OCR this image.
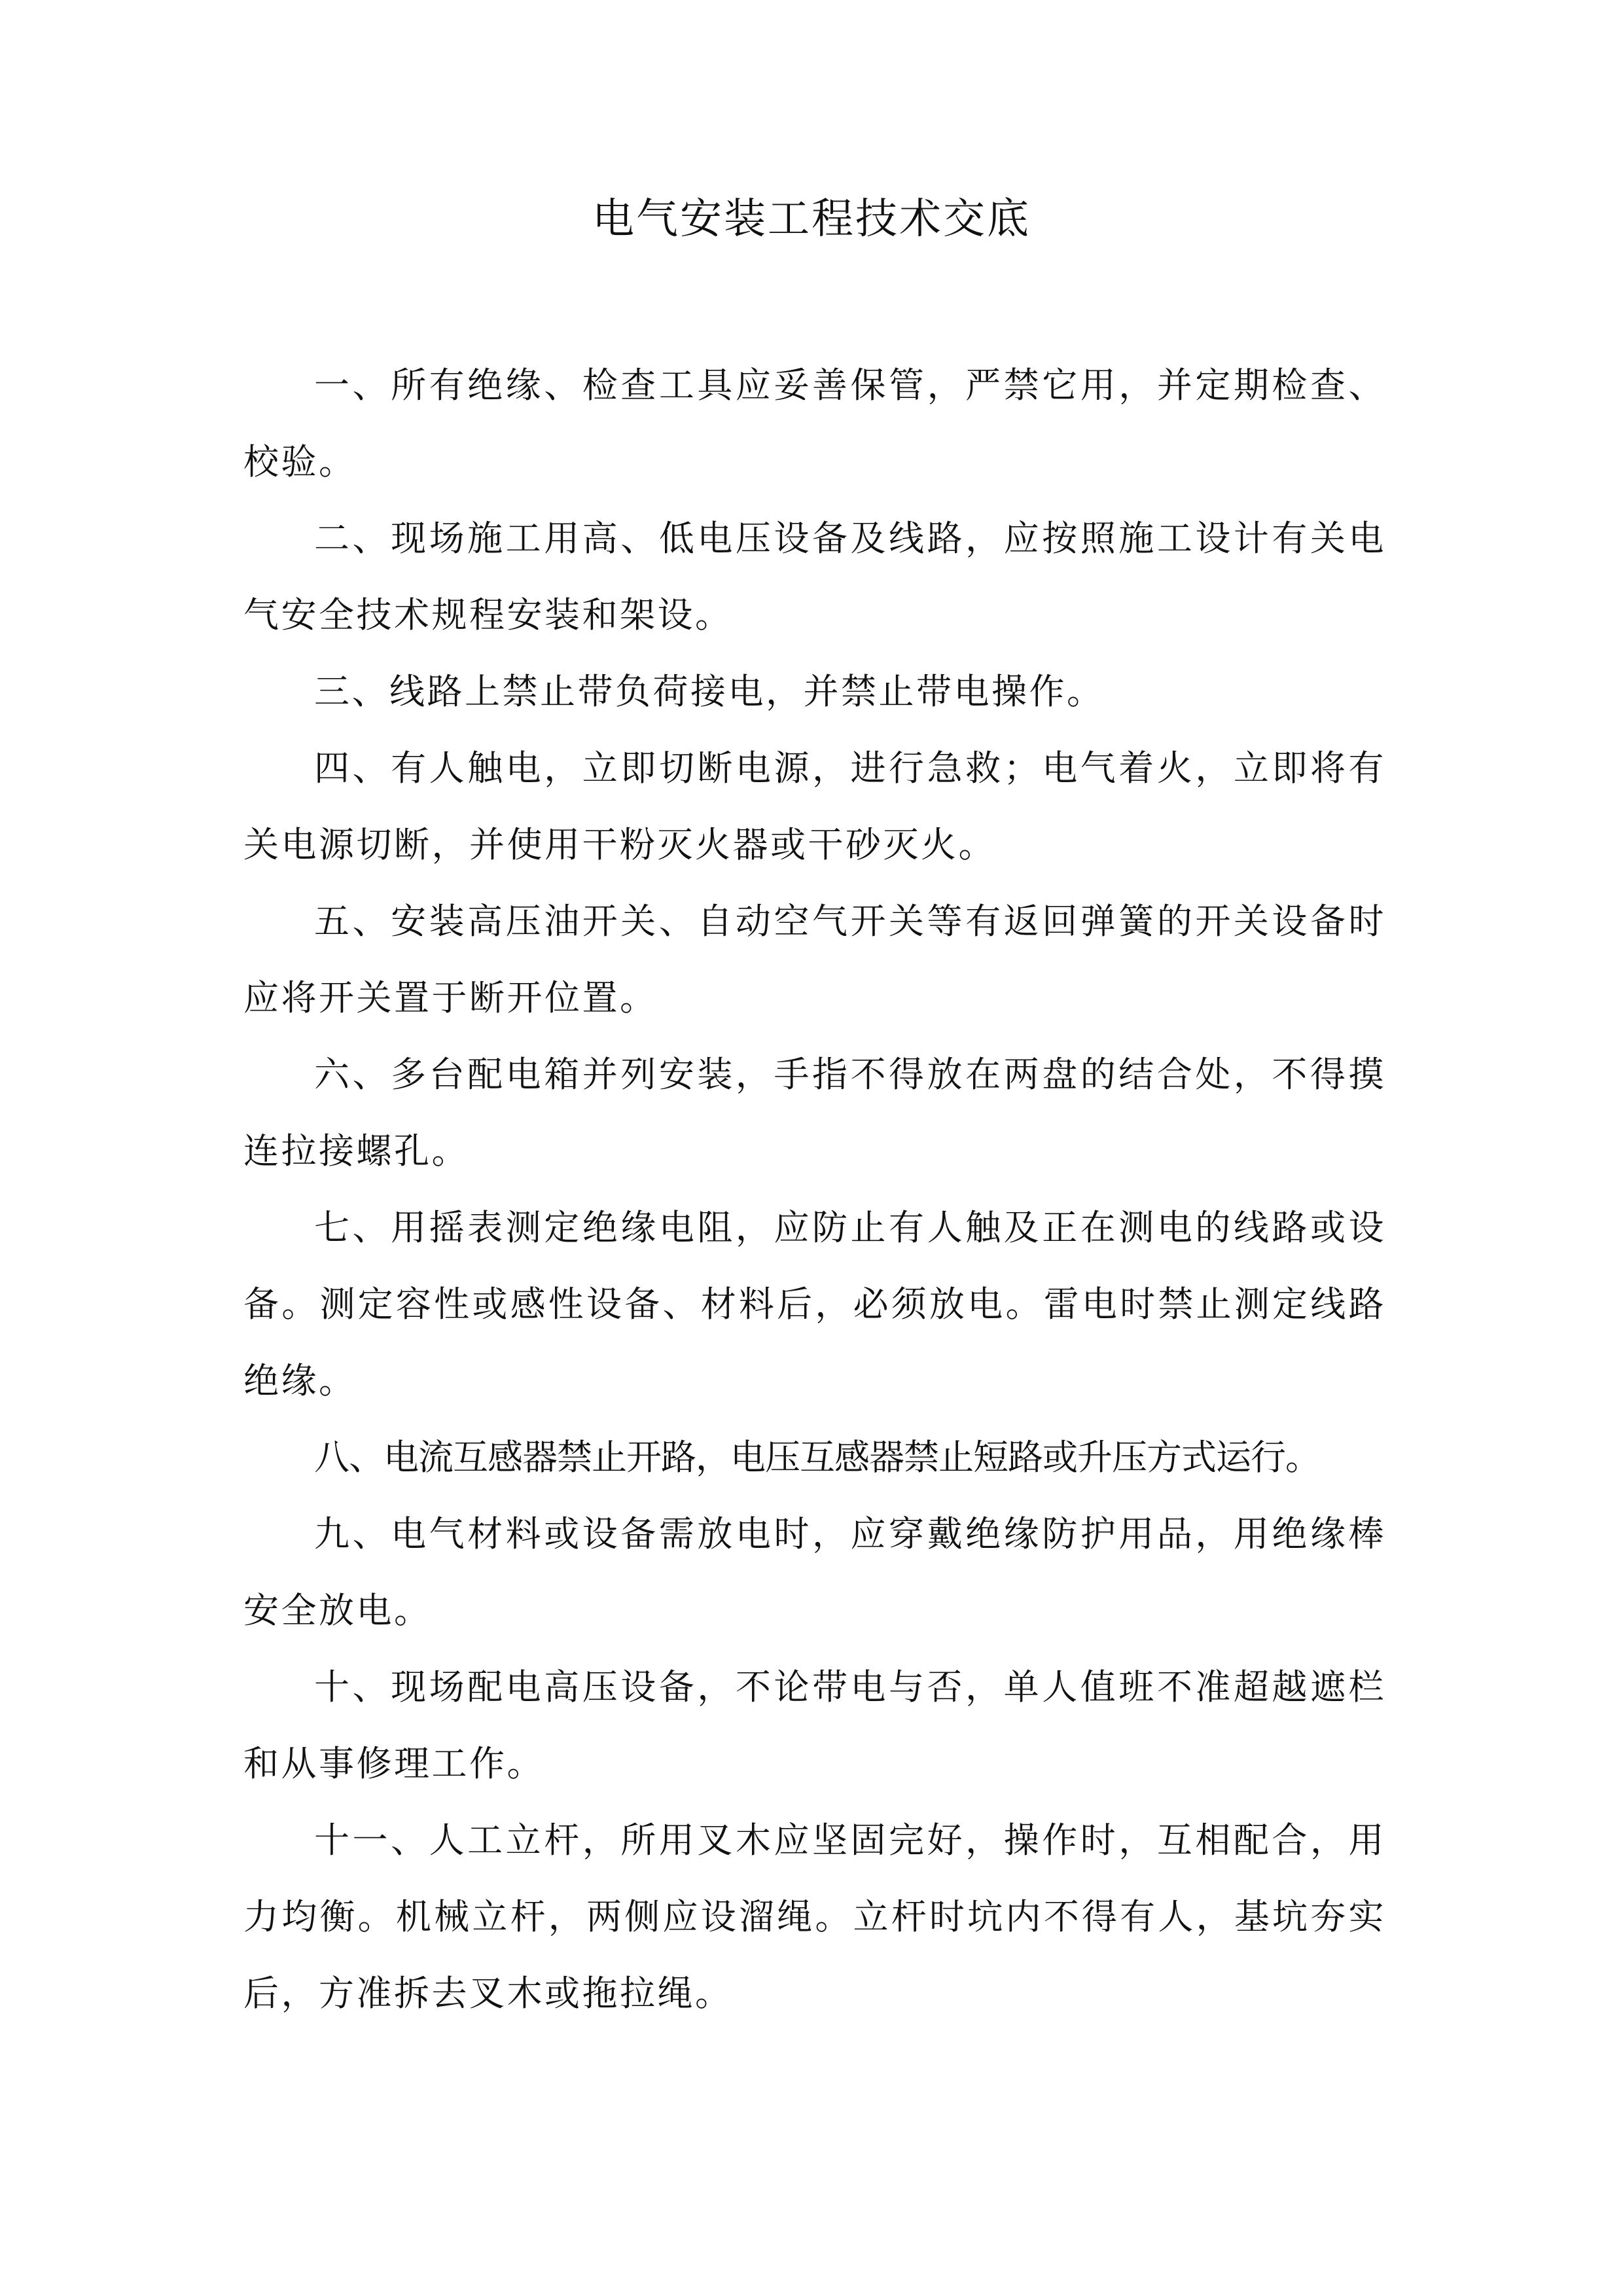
电气安装工程技术交底

一、所有绝缘、检查工具应妥善保管，严禁它用，并定期检查、校验。

二、现场施工用高、低电压设备及线路，应按照施工设计有关电气安全技术规程安装和架设。

三、线路上禁止带负荷接电，并禁止带电操作。

四、有人触电，立即切断电源，进行急救；电气着火，立即将有关电源切断，并使用干粉灭火器或干砂灭火。

五、安装高压油开关、自动空气开关等有返回弹簧的开关设备时应将开关置于断开位置。

六、多台配电箱并列安装，手指不得放在两盘的结合处，不得摸连拉接螺孔。

七、用摇表测定绝缘电阻，应防止有人触及正在测电的线路或设备。测定容性或感性设备、材料后，必须放电。雷电时禁止测定线路绝缘。

八、电流互感器禁止开路，电压互感器禁止短路或升压方式运行。

九、电气材料或设备需放电时，应穿戴绝缘防护用品，用绝缘棒安全放电。

十、现场配电高压设备，不论带电与否，单人值班不准超越遮栏和从事修理工作。

十一、人工立杆，所用叉木应坚固完好，操作时，互相配合，用力均衡。机械立杆，两侧应设溜绳。立杆时坑内不得有人，基坑夯实后，方准拆去叉木或拖拉绳。
